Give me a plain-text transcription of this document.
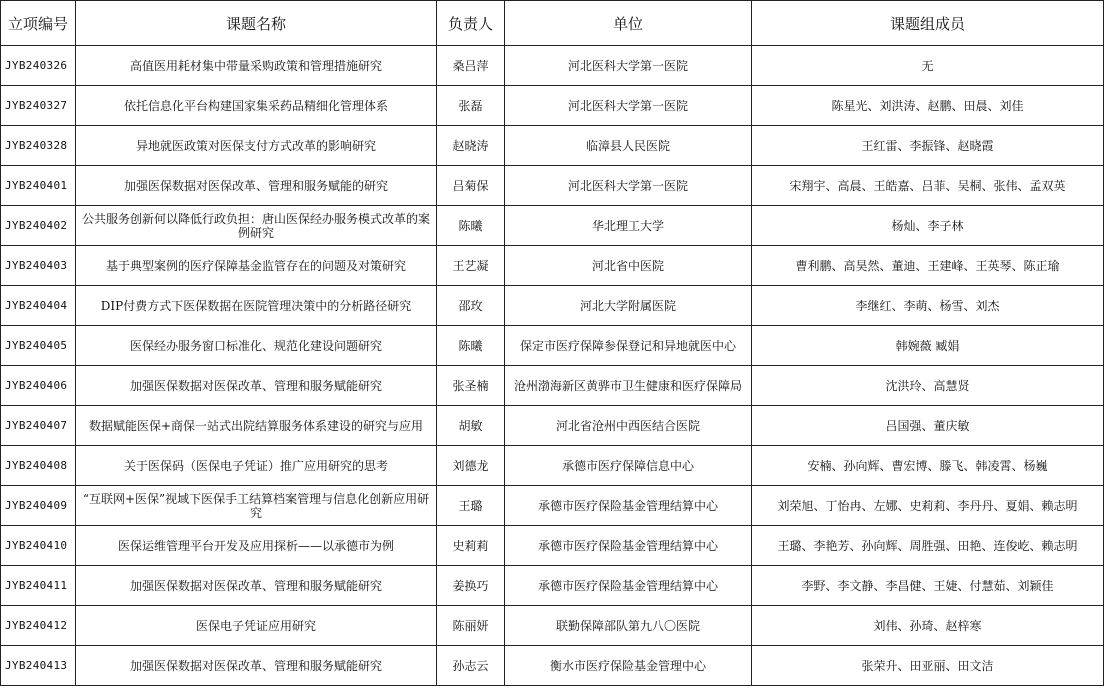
立项编号	课题名称	负责人	单位	课题组成员
JYB240326	高值医用耗材集中带量采购政策和管理措施研究	桑吕萍	河北医科大学第一医院	无
JYB240327	依托信息化平台构建国家集采药品精细化管理体系	张磊	河北医科大学第一医院	陈星光、刘洪涛、赵鹏、田晨、刘佳
JYB240328	异地就医政策对医保支付方式改革的影响研究	赵晓涛	临漳县人民医院	王红雷、李振锋、赵晓霞
JYB240401	加强医保数据对医保改革、管理和服务赋能的研究	吕菊保	河北医科大学第一医院	宋翔宇、高晨、王皓嘉、吕菲、吴桐、张伟、孟双英
JYB240402	公共服务创新何以降低行政负担：唐山医保经办服务模式改革的案例研究	陈曦	华北理工大学	杨灿、李子林
JYB240403	基于典型案例的医疗保障基金监管存在的问题及对策研究	王艺凝	河北省中医院	曹利鹏、高昊然、董迪、王建峰、王英琴、陈正瑜
JYB240404	DIP付费方式下医保数据在医院管理决策中的分析路径研究	邵玫	河北大学附属医院	李继红、李萌、杨雪、刘杰
JYB240405	医保经办服务窗口标准化、规范化建设问题研究	陈曦	保定市医疗保障参保登记和异地就医中心	韩婉薇 臧娟
JYB240406	加强医保数据对医保改革、管理和服务赋能研究	张圣楠	沧州渤海新区黄骅市卫生健康和医疗保障局	沈洪玲、高慧贤
JYB240407	数据赋能医保+商保一站式出院结算服务体系建设的研究与应用	胡敏	河北省沧州中西医结合医院	吕国强、董庆敏
JYB240408	关于医保码（医保电子凭证）推广应用研究的思考	刘德龙	承德市医疗保障信息中心	安楠、孙向辉、曹宏博、滕飞、韩凌霄、杨巍
JYB240409	“互联网+医保”视域下医保手工结算档案管理与信息化创新应用研究	王璐	承德市医疗保险基金管理结算中心	刘荣旭、丁怡冉、左娜、史莉莉、李丹丹、夏娟、赖志明
JYB240410	医保运维管理平台开发及应用探析——以承德市为例	史莉莉	承德市医疗保险基金管理结算中心	王璐、李艳芳、孙向辉、周胜强、田艳、连俊屹、赖志明
JYB240411	加强医保数据对医保改革、管理和服务赋能研究	姜换巧	承德市医疗保险基金管理结算中心	李野、李文静、李昌健、王婕、付慧茹、刘颖佳
JYB240412	医保电子凭证应用研究	陈丽妍	联勤保障部队第九八〇医院	刘伟、孙琦、赵梓寒
JYB240413	加强医保数据对医保改革、管理和服务赋能研究	孙志云	衡水市医疗保险基金管理中心	张荣升、田亚丽、田文洁
